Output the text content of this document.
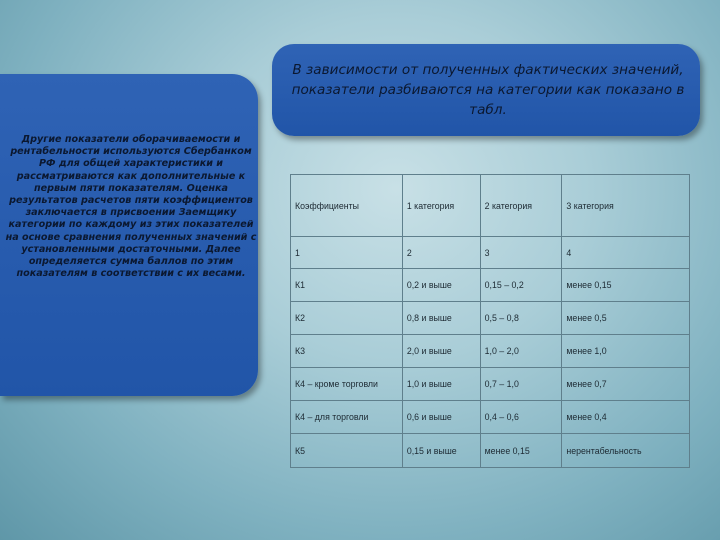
Другие показатели оборачиваемости и рентабельности используются Сбербанком РФ для общей характеристики и рассматриваются как дополнительные к первым пяти показателям. Оценка результатов расчетов пяти коэффициентов заключается в присвоении Заемщику категории по каждому из этих показателей на основе сравнения полученных значений с установленными достаточными. Далее определяется сумма баллов по этим показателям в соответствии с их весами.
В зависимости от полученных фактических значений, показатели разбиваются на категории как показано в табл.
Коэффициенты	1 категория	2 категория	3 категория
1	2	3	4
К1	0,2 и выше	0,15 – 0,2	менее 0,15
К2	0,8 и выше	0,5 – 0,8	менее 0,5
К3	2,0 и выше	1,0 – 2,0	менее 1,0
К4 – кроме торговли	1,0 и выше	0,7 – 1,0	менее 0,7
К4 – для торговли	0,6 и выше	0,4 – 0,6	менее 0,4
К5	0,15 и выше	менее 0,15	нерентабельность
